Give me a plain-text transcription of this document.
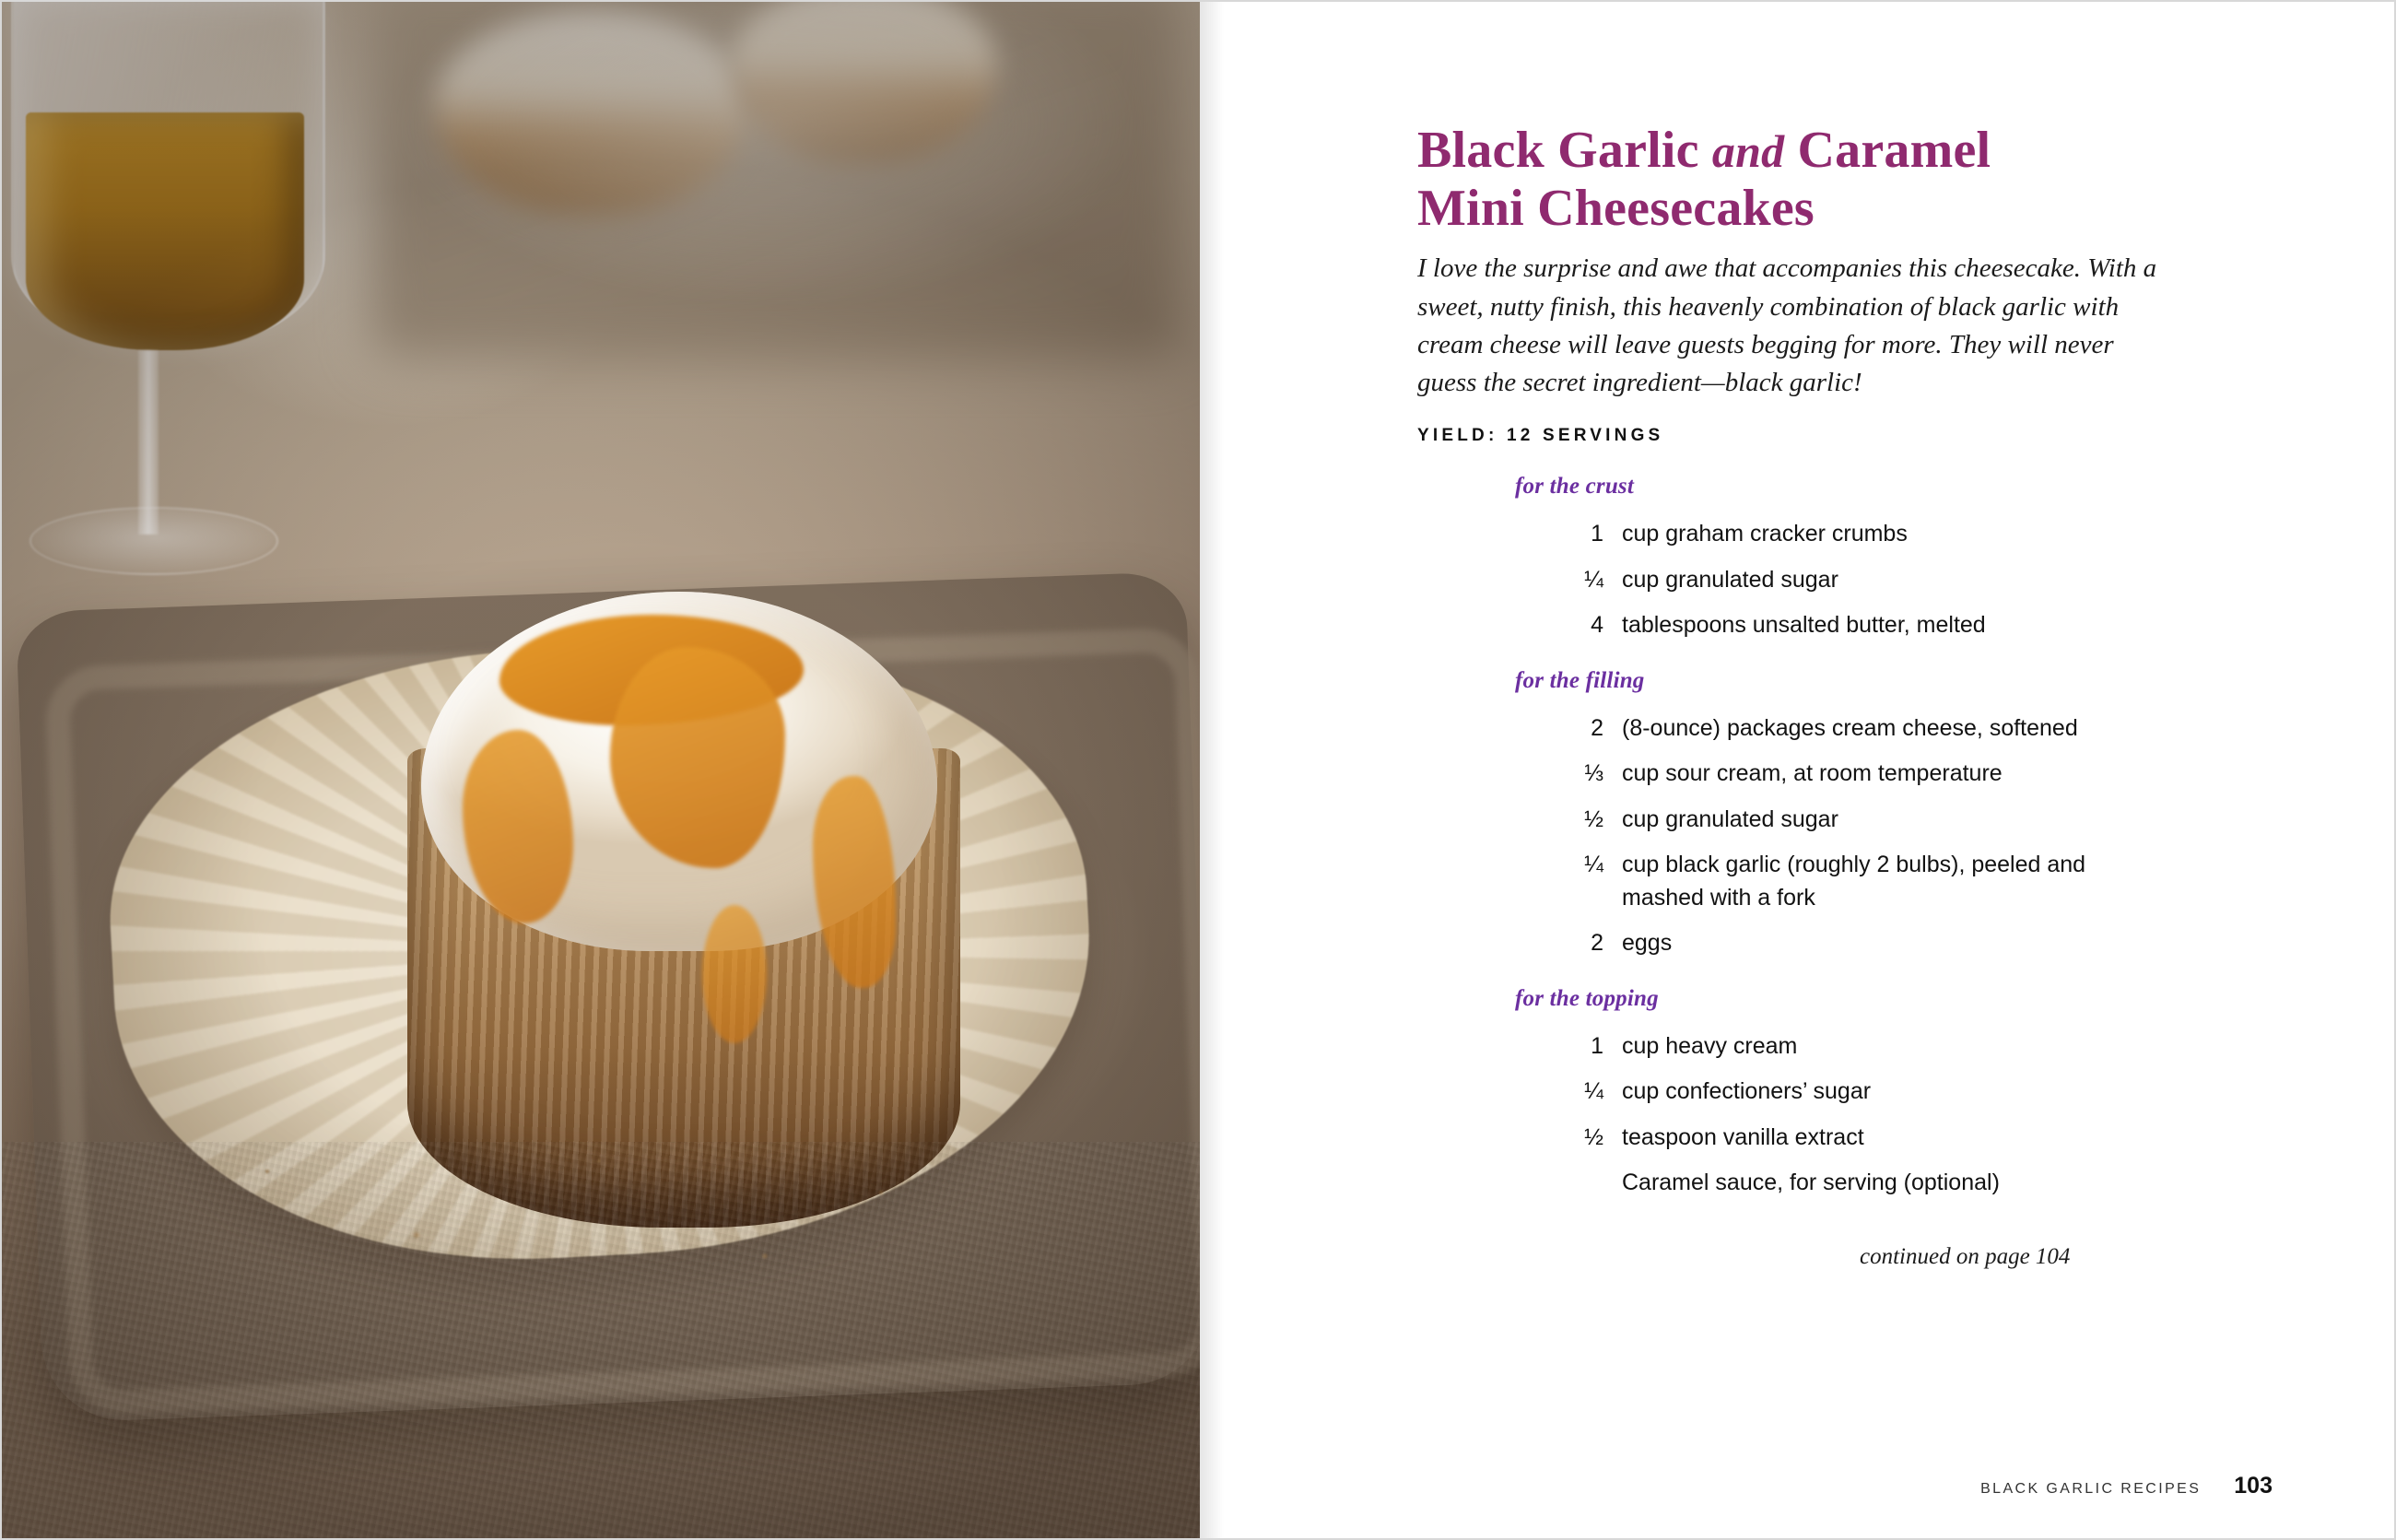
Black Garlic and Caramel
Mini Cheesecakes

I love the surprise and awe that accompanies this cheesecake. With a sweet, nutty finish, this heavenly combination of black garlic with cream cheese will leave guests begging for more. They will never guess the secret ingredient—black garlic!

YIELD: 12 SERVINGS
for the crust
1 cup graham cracker crumbs
¼ cup granulated sugar
4 tablespoons unsalted butter, melted
for the filling
2 (8-ounce) packages cream cheese, softened
⅓ cup sour cream, at room temperature
½ cup granulated sugar
¼ cup black garlic (roughly 2 bulbs), peeled and mashed with a fork
2 eggs
for the topping
1 cup heavy cream
¼ cup confectioners’ sugar
½ teaspoon vanilla extract
Caramel sauce, for serving (optional)
continued on page 104
BLACK GARLIC RECIPES 103
